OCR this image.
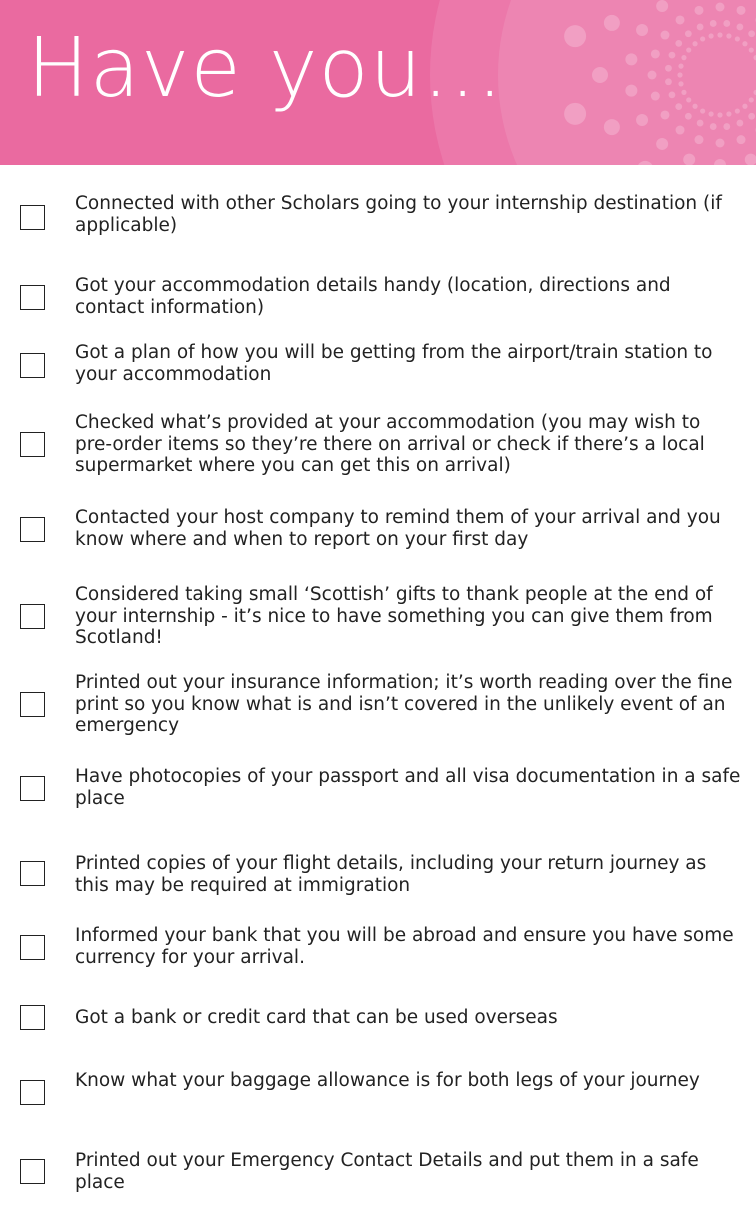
Have you...
Connected with other Scholars going to your internship destination (if applicable)
Got your accommodation details handy (location, directions and contact information)
Got a plan of how you will be getting from the airport/train station to your accommodation
Checked what’s provided at your accommodation (you may wish to pre-order items so they’re there on arrival or check if there’s a local supermarket where you can get this on arrival)
Contacted your host company to remind them of your arrival and you know where and when to report on your first day
Considered taking small ‘Scottish’ gifts to thank people at the end of your internship - it’s nice to have something you can give them from Scotland!
Printed out your insurance information; it’s worth reading over the fine print so you know what is and isn’t covered in the unlikely event of an emergency
Have photocopies of your passport and all visa documentation in a safe place
Printed copies of your flight details, including your return journey as this may be required at immigration
Informed your bank that you will be abroad and ensure you have some currency for your arrival.
Got a bank or credit card that can be used overseas
Know what your baggage allowance is for both legs of your journey
Printed out your Emergency Contact Details and put them in a safe place
